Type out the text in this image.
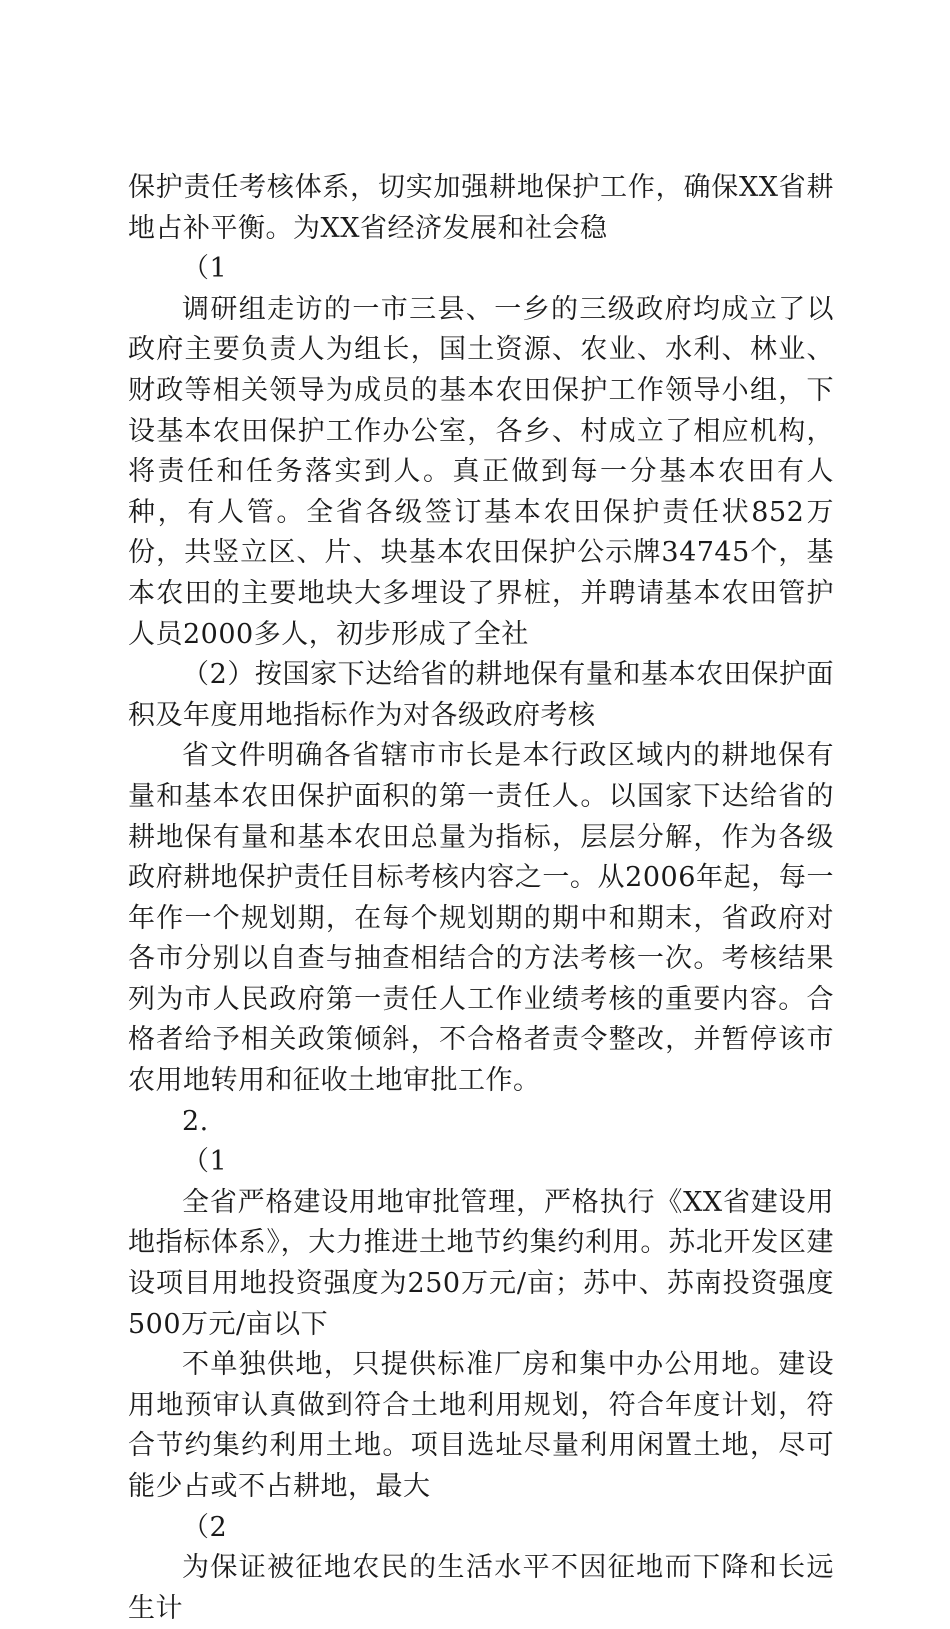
保护责任考核体系，切实加强耕地保护工作，确保XX省耕地占补平衡。为XX省经济发展和社会稳

（1

调研组走访的一市三县、一乡的三级政府均成立了以政府主要负责人为组长，国土资源、农业、水利、林业、财政等相关领导为成员的基本农田保护工作领导小组，下设基本农田保护工作办公室，各乡、村成立了相应机构，将责任和任务落实到人。真正做到每一分基本农田有人种，有人管。全省各级签订基本农田保护责任状852万份，共竖立区、片、块基本农田保护公示牌34745个，基本农田的主要地块大多埋设了界桩，并聘请基本农田管护人员2000多人，初步形成了全社

（2）按国家下达给省的耕地保有量和基本农田保护面积及年度用地指标作为对各级政府考核

省文件明确各省辖市市长是本行政区域内的耕地保有量和基本农田保护面积的第一责任人。以国家下达给省的耕地保有量和基本农田总量为指标，层层分解，作为各级政府耕地保护责任目标考核内容之一。从2006年起，每一年作一个规划期，在每个规划期的期中和期末，省政府对各市分别以自查与抽查相结合的方法考核一次。考核结果列为市人民政府第一责任人工作业绩考核的重要内容。合格者给予相关政策倾斜，不合格者责令整改，并暂停该市农用地转用和征收土地审批工作。

2.

（1

全省严格建设用地审批管理，严格执行《XX省建设用地指标体系》，大力推进土地节约集约利用。苏北开发区建设项目用地投资强度为250万元/亩；苏中、苏南投资强度500万元/亩以下

不单独供地，只提供标准厂房和集中办公用地。建设用地预审认真做到符合土地利用规划，符合年度计划，符合节约集约利用土地。项目选址尽量利用闲置土地，尽可能少占或不占耕地，最大

（2

为保证被征地农民的生活水平不因征地而下降和长远生计
